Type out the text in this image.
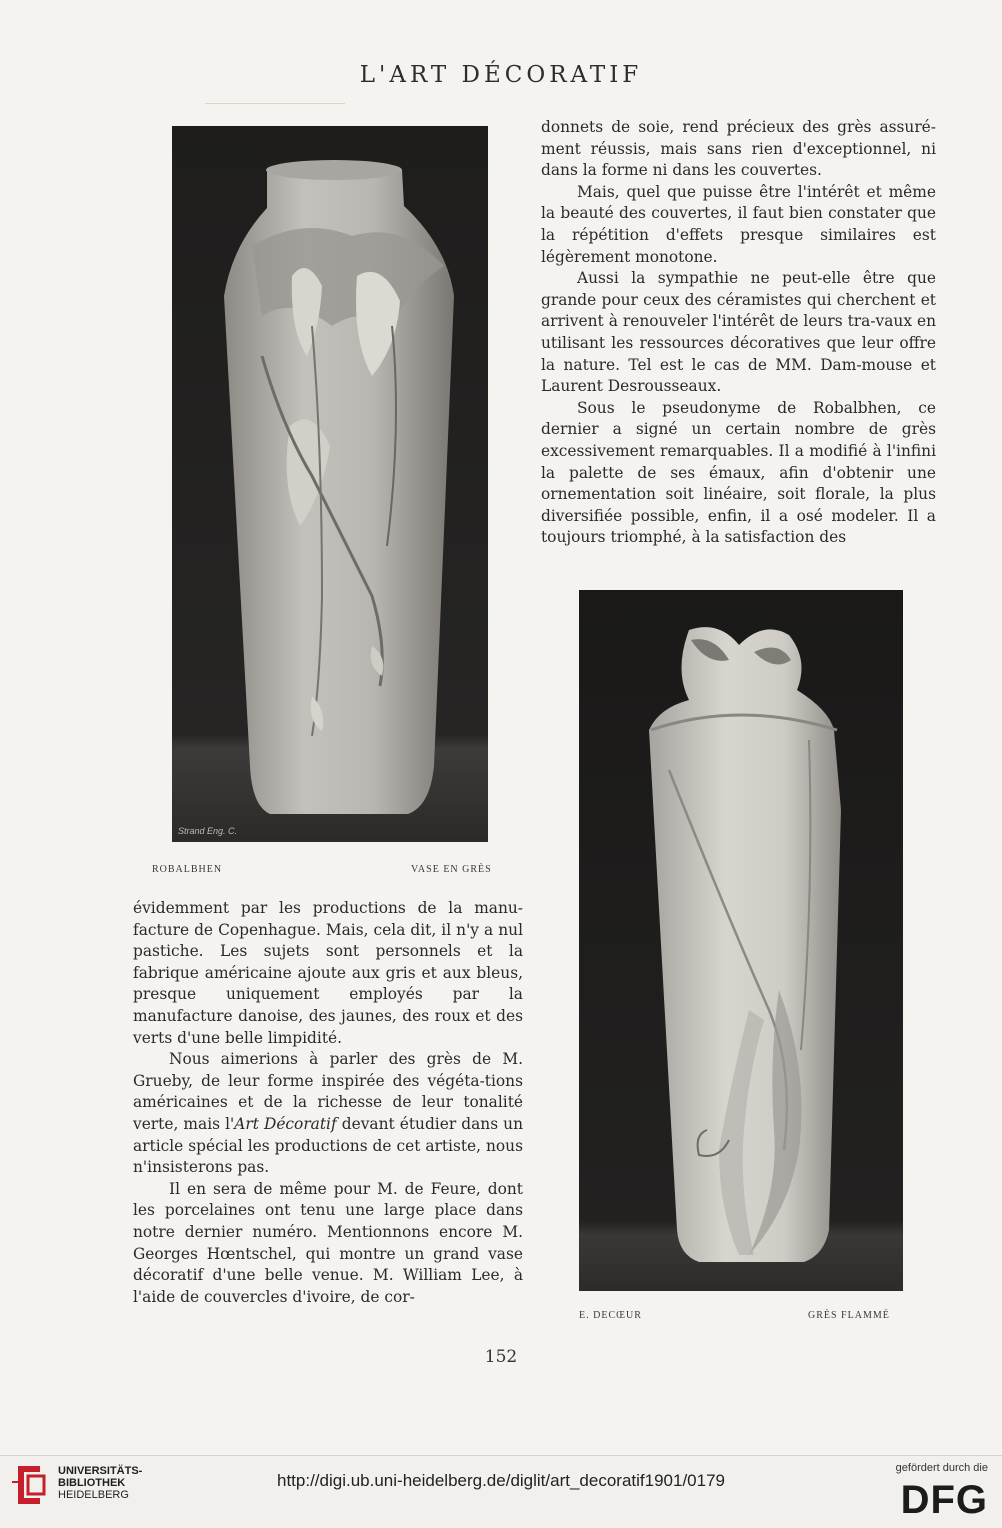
L'ART DÉCORATIF
Strand Eng. C.
ROBALBHEN	VASE EN GRÈS

donnets de soie, rend précieux des grès assuré-ment réussis, mais sans rien d'exceptionnel, ni dans la forme ni dans les couvertes.

Mais, quel que puisse être l'intérêt et même la beauté des couvertes, il faut bien constater que la répétition d'effets presque similaires est légèrement monotone.

Aussi la sympathie ne peut-elle être que grande pour ceux des céramistes qui cherchent et arrivent à renouveler l'intérêt de leurs tra-vaux en utilisant les ressources décoratives que leur offre la nature. Tel est le cas de MM. Dam-mouse et Laurent Desrousseaux.

Sous le pseudonyme de Robalbhen, ce dernier a signé un certain nombre de grès excessivement remarquables. Il a modifié à l'infini la palette de ses émaux, afin d'obtenir une ornementation soit linéaire, soit florale, la plus diversifiée possible, enfin, il a osé modeler. Il a toujours triomphé, à la satisfaction des

E. DECŒUR	GRÈS FLAMMÉ

évidemment par les productions de la manu-facture de Copenhague. Mais, cela dit, il n'y a nul pastiche. Les sujets sont personnels et la fabrique américaine ajoute aux gris et aux bleus, presque uniquement employés par la manufacture danoise, des jaunes, des roux et des verts d'une belle limpidité.

Nous aimerions à parler des grès de M. Grueby, de leur forme inspirée des végéta-tions américaines et de la richesse de leur tonalité verte, mais l'Art Décoratif devant étudier dans un article spécial les productions de cet artiste, nous n'insisterons pas.

Il en sera de même pour M. de Feure, dont les porcelaines ont tenu une large place dans notre dernier numéro. Mentionnons encore M. Georges Hœntschel, qui montre un grand vase décoratif d'une belle venue. M. William Lee, à l'aide de couvercles d'ivoire, de cor-

152
UNIVERSITÄTS-
BIBLIOTHEK
HEIDELBERG
http://digi.ub.uni-heidelberg.de/diglit/art_decoratif1901/0179
gefördert durch die
DFG
